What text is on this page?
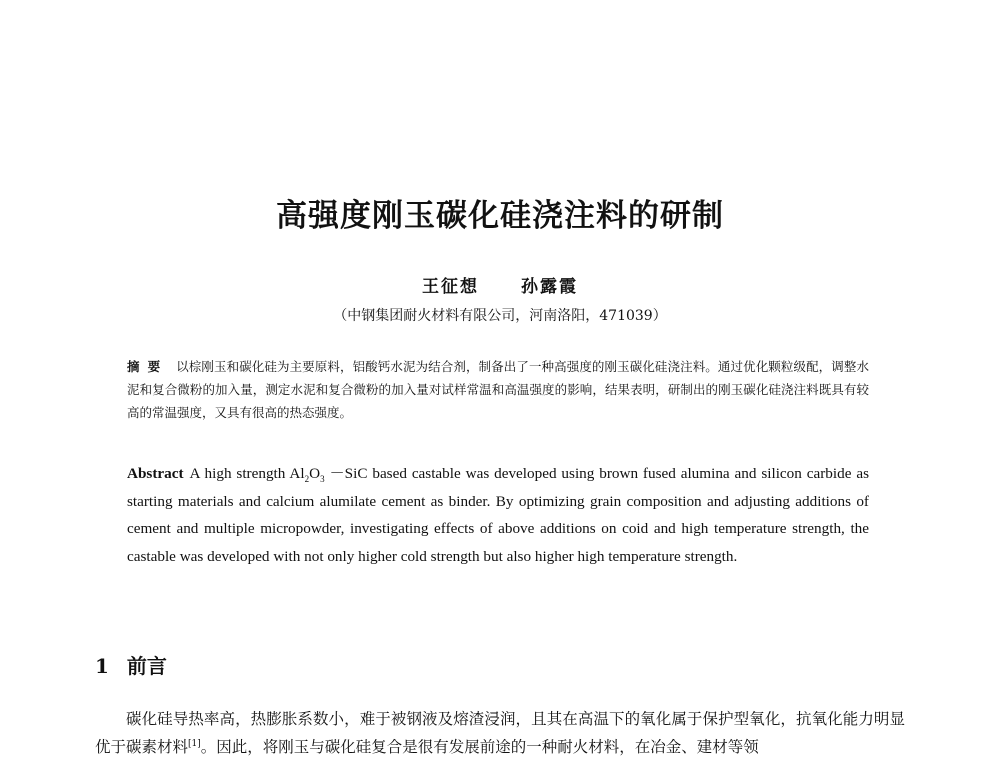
高强度刚玉碳化硅浇注料的研制
王征想 孙露霞
（中钢集团耐火材料有限公司，河南洛阳，471039）
摘要 以棕刚玉和碳化硅为主要原料，铝酸钙水泥为结合剂，制备出了一种高强度的刚玉碳化硅浇注料。通过优化颗粒级配，调整水泥和复合微粉的加入量，测定水泥和复合微粉的加入量对试样常温和高温强度的影响，结果表明，研制出的刚玉碳化硅浇注料既具有较高的常温强度，又具有很高的热态强度。
Abstract A high strength $Al_2O_3 -SiC$ based castable was developed using brown fused alumina and silicon carbide as starting materials and calcium alumilate cement as binder. By optimizing grain composition and adjusting additions of cement and multiple micropowder, investigating effects of above additions on coid and high temperature strength, the castable was developed with not only higher cold strength but also higher high temperature strength.
1 前言

碳化硅导热率高，热膨胀系数小，难于被钢液及熔渣浸润，且其在高温下的氧化属于保护型氧化，抗氧化能力明显优于碳素材料[1]。因此，将刚玉与碳化硅复合是很有发展前途的一种耐火材料，在冶金、建材等领
